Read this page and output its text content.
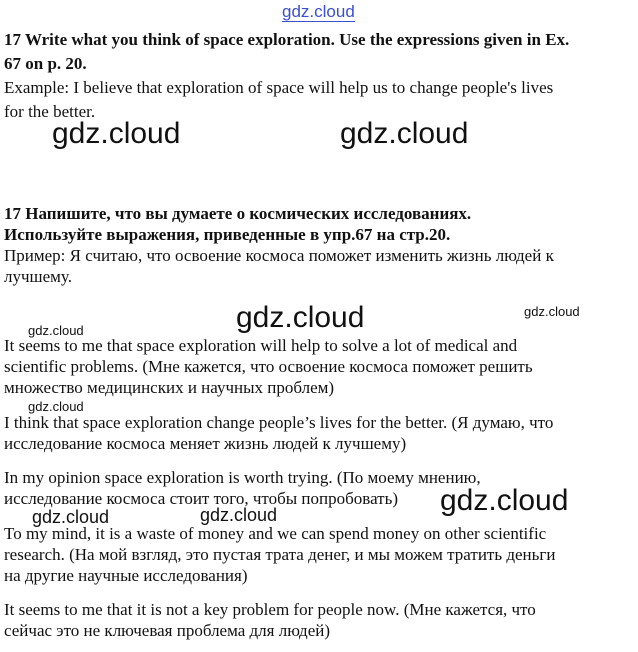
gdz.cloud
17 Write what you think of space exploration. Use the expressions given in Ex.
67 on p. 20.
Example: I believe that exploration of space will help us to change people's lives
for the better.
gdz.cloud	gdz.cloud
17 Напишите, что вы думаете о космических исследованиях.
Используйте выражения, приведенные в упр.67 на стр.20.
Пример: Я считаю, что освоение космоса поможет изменить жизнь людей к
лучшему.
gdz.cloud	gdz.cloud
gdz.cloud
It seems to me that space exploration will help to solve a lot of medical and
scientific problems. (Мне кажется, что освоение космоса поможет решить
множество медицинских и научных проблем)
gdz.cloud
I think that space exploration change people’s lives for the better. (Я думаю, что
исследование космоса меняет жизнь людей к лучшему)
In my opinion space exploration is worth trying. (По моему мнению,
исследование космоса стоит того, чтобы попробовать) gdz.cloud
gdz.cloud	gdz.cloud
To my mind, it is a waste of money and we can spend money on other scientific
research. (На мой взгляд, это пустая трата денег, и мы можем тратить деньги
на другие научные исследования)
It seems to me that it is not a key problem for people now. (Мне кажется, что
сейчас это не ключевая проблема для людей)
